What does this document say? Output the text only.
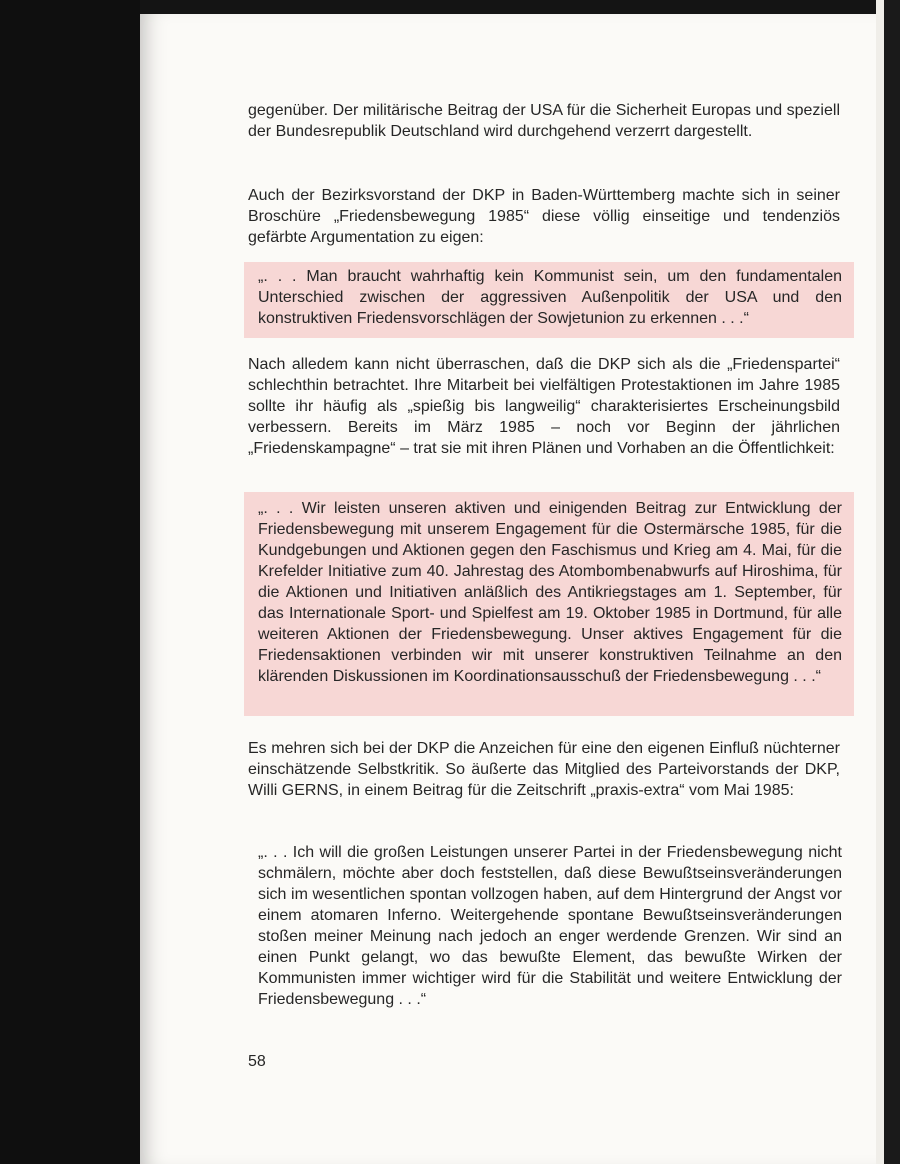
gegenüber. Der militärische Beitrag der USA für die Sicherheit Europas und speziell der Bundesrepublik Deutschland wird durchgehend verzerrt dargestellt.

Auch der Bezirksvorstand der DKP in Baden-Württemberg machte sich in seiner Broschüre „Friedensbewegung 1985“ diese völlig einseitige und tendenziös gefärbte Argumentation zu eigen:

„. . . Man braucht wahrhaftig kein Kommunist sein, um den fundamentalen Unterschied zwischen der aggressiven Außenpolitik der USA und den konstruktiven Friedensvorschlägen der Sowjetunion zu erkennen . . .“

Nach alledem kann nicht überraschen, daß die DKP sich als die „Friedenspartei“ schlechthin betrachtet. Ihre Mitarbeit bei vielfältigen Protestaktionen im Jahre 1985 sollte ihr häufig als „spießig bis langweilig“ charakterisiertes Erscheinungsbild verbessern. Bereits im März 1985 – noch vor Beginn der jährlichen „Friedenskampagne“ – trat sie mit ihren Plänen und Vorhaben an die Öffentlichkeit:

„. . . Wir leisten unseren aktiven und einigenden Beitrag zur Entwicklung der Friedensbewegung mit unserem Engagement für die Ostermärsche 1985, für die Kundgebungen und Aktionen gegen den Faschismus und Krieg am 4. Mai, für die Krefelder Initiative zum 40. Jahrestag des Atombombenabwurfs auf Hiroshima, für die Aktionen und Initiativen anläßlich des Antikriegstages am 1. September, für das Internationale Sport- und Spielfest am 19. Oktober 1985 in Dortmund, für alle weiteren Aktionen der Friedensbewegung. Unser aktives Engagement für die Friedensaktionen verbinden wir mit unserer konstruktiven Teilnahme an den klärenden Diskussionen im Koordinationsausschuß der Friedensbewegung . . .“

Es mehren sich bei der DKP die Anzeichen für eine den eigenen Einfluß nüchterner einschätzende Selbstkritik. So äußerte das Mitglied des Parteivorstands der DKP, Willi GERNS, in einem Beitrag für die Zeitschrift „praxis-extra“ vom Mai 1985:

„. . . Ich will die großen Leistungen unserer Partei in der Friedensbewegung nicht schmälern, möchte aber doch feststellen, daß diese Bewußtseinsveränderungen sich im wesentlichen spontan vollzogen haben, auf dem Hintergrund der Angst vor einem atomaren Inferno. Weitergehende spontane Bewußtseinsveränderungen stoßen meiner Meinung nach jedoch an enger werdende Grenzen. Wir sind an einen Punkt gelangt, wo das bewußte Element, das bewußte Wirken der Kommunisten immer wichtiger wird für die Stabilität und weitere Entwicklung der Friedensbewegung . . .“

58
